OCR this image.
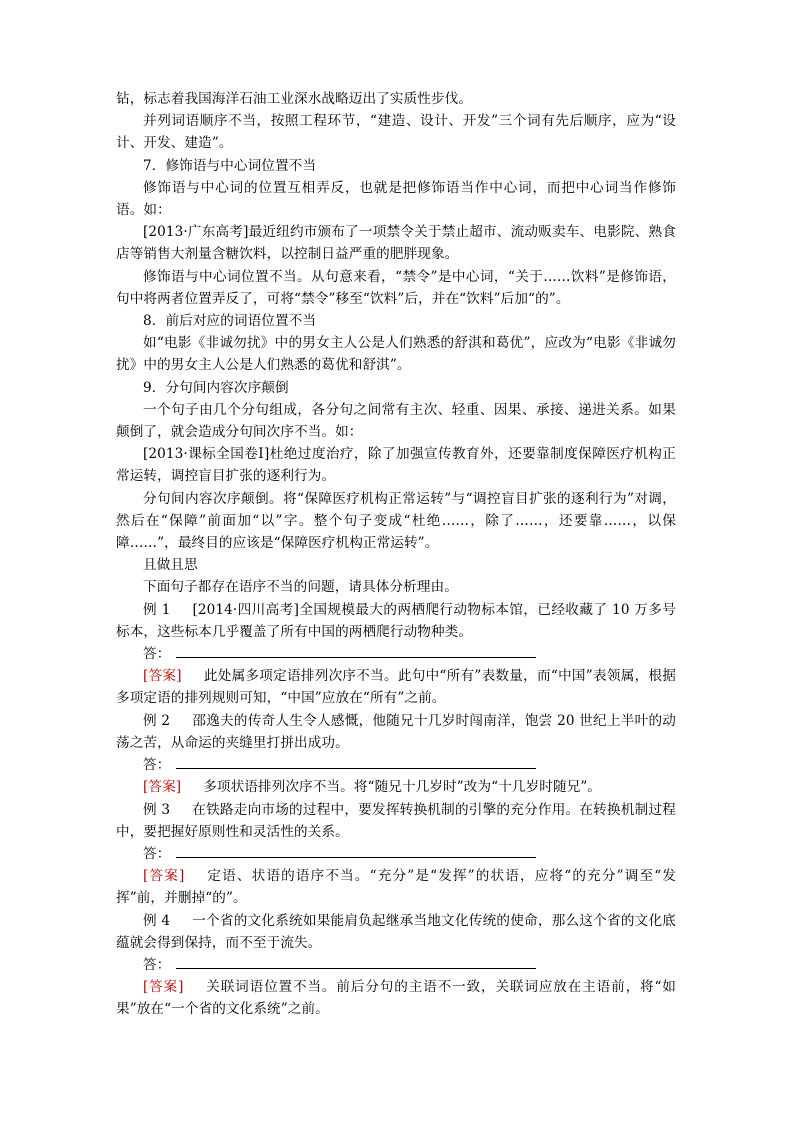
钻，标志着我国海洋石油工业深水战略迈出了实质性步伐。

并列词语顺序不当，按照工程环节，“建造、设计、开发”三个词有先后顺序，应为“设计、开发、建造”。

7．修饰语与中心词位置不当

修饰语与中心词的位置互相弄反，也就是把修饰语当作中心词，而把中心词当作修饰语。如：

[2013·广东高考]最近纽约市颁布了一项禁令关于禁止超市、流动贩卖车、电影院、熟食店等销售大剂量含糖饮料，以控制日益严重的肥胖现象。

修饰语与中心词位置不当。从句意来看，“禁令”是中心词，“关于……饮料”是修饰语，句中将两者位置弄反了，可将“禁令”移至“饮料”后，并在“饮料”后加“的”。

8．前后对应的词语位置不当

如“电影《非诚勿扰》中的男女主人公是人们熟悉的舒淇和葛优”，应改为“电影《非诚勿扰》中的男女主人公是人们熟悉的葛优和舒淇”。

9．分句间内容次序颠倒

一个句子由几个分句组成，各分句之间常有主次、轻重、因果、承接、递进关系。如果颠倒了，就会造成分句间次序不当。如：

[2013·课标全国卷Ⅰ]杜绝过度治疗，除了加强宣传教育外，还要靠制度保障医疗机构正常运转，调控盲目扩张的逐利行为。

分句间内容次序颠倒。将“保障医疗机构正常运转”与“调控盲目扩张的逐利行为”对调，然后在“保障”前面加“以”字。整个句子变成“杜绝……，除了……，还要靠……，以保障……”，最终目的应该是“保障医疗机构正常运转”。

且做且思

下面句子都存在语序不当的问题，请具体分析理由。

例 1 [2014·四川高考]全国规模最大的两栖爬行动物标本馆，已经收藏了 10 万多号标本，这些标本几乎覆盖了所有中国的两栖爬行动物种类。

答：

[答案] 此处属多项定语排列次序不当。此句中“所有”表数量，而“中国”表领属，根据多项定语的排列规则可知，“中国”应放在“所有”之前。

例 2 邵逸夫的传奇人生令人感慨，他随兄十几岁时闯南洋，饱尝 20 世纪上半叶的动荡之苦，从命运的夹缝里打拼出成功。

答：

[答案] 多项状语排列次序不当。将“随兄十几岁时”改为“十几岁时随兄”。

例 3 在铁路走向市场的过程中，要发挥转换机制的引擎的充分作用。在转换机制过程中，要把握好原则性和灵活性的关系。

答：

[答案] 定语、状语的语序不当。“充分”是“发挥”的状语，应将“的充分”调至“发挥”前，并删掉“的”。

例 4 一个省的文化系统如果能肩负起继承当地文化传统的使命，那么这个省的文化底蕴就会得到保持，而不至于流失。

答：

[答案] 关联词语位置不当。前后分句的主语不一致，关联词应放在主语前，将“如果”放在“一个省的文化系统”之前。
